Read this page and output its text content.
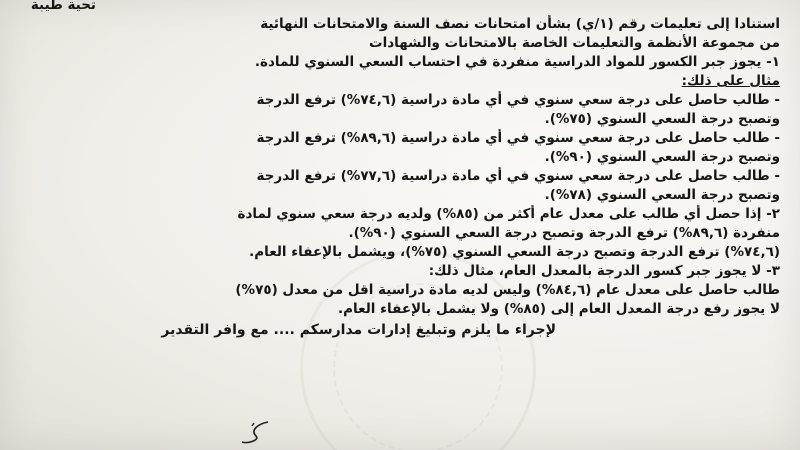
تحية طيبة
استنادا إلى تعليمات رقم (١/ي) بشأن امتحانات نصف السنة والامتحانات النهائية
من مجموعة الأنظمة والتعليمات الخاصة بالامتحانات والشهادات
١- يجوز جبر الكسور للمواد الدراسية منفردة في احتساب السعي السنوي للمادة.
مثال على ذلك:
- طالب حاصل على درجة سعي سنوي في أي مادة دراسية (٧٤,٦%) ترفع الدرجة
وتصبح درجة السعي السنوي (٧٥%).
- طالب حاصل على درجة سعي سنوي في أي مادة دراسية (٨٩,٦%) ترفع الدرجة
وتصبح درجة السعي السنوي (٩٠%).
- طالب حاصل على درجة سعي سنوي في أي مادة دراسية (٧٧,٦%) ترفع الدرجة
وتصبح درجة السعي السنوي (٧٨%).
٢- إذا حصل أي طالب على معدل عام أكثر من (٨٥%) ولديه درجة سعي سنوي لمادة
منفردة (٨٩,٦%) ترفع الدرجة وتصبح درجة السعي السنوي (٩٠%).
(٧٤,٦%) ترفع الدرجة وتصبح درجة السعي السنوي (٧٥%)، ويشمل بالإعفاء العام.
٣- لا يجوز جبر كسور الدرجة بالمعدل العام، مثال ذلك:
طالب حاصل على معدل عام (٨٤,٦%) وليس لديه مادة دراسية اقل من معدل (٧٥%)
لا يجوز رفع درجة المعدل العام إلى (٨٥%) ولا يشمل بالإعفاء العام.
لإجراء ما يلزم وتبليغ إدارات مدارسكم .... مع وافر التقدير
